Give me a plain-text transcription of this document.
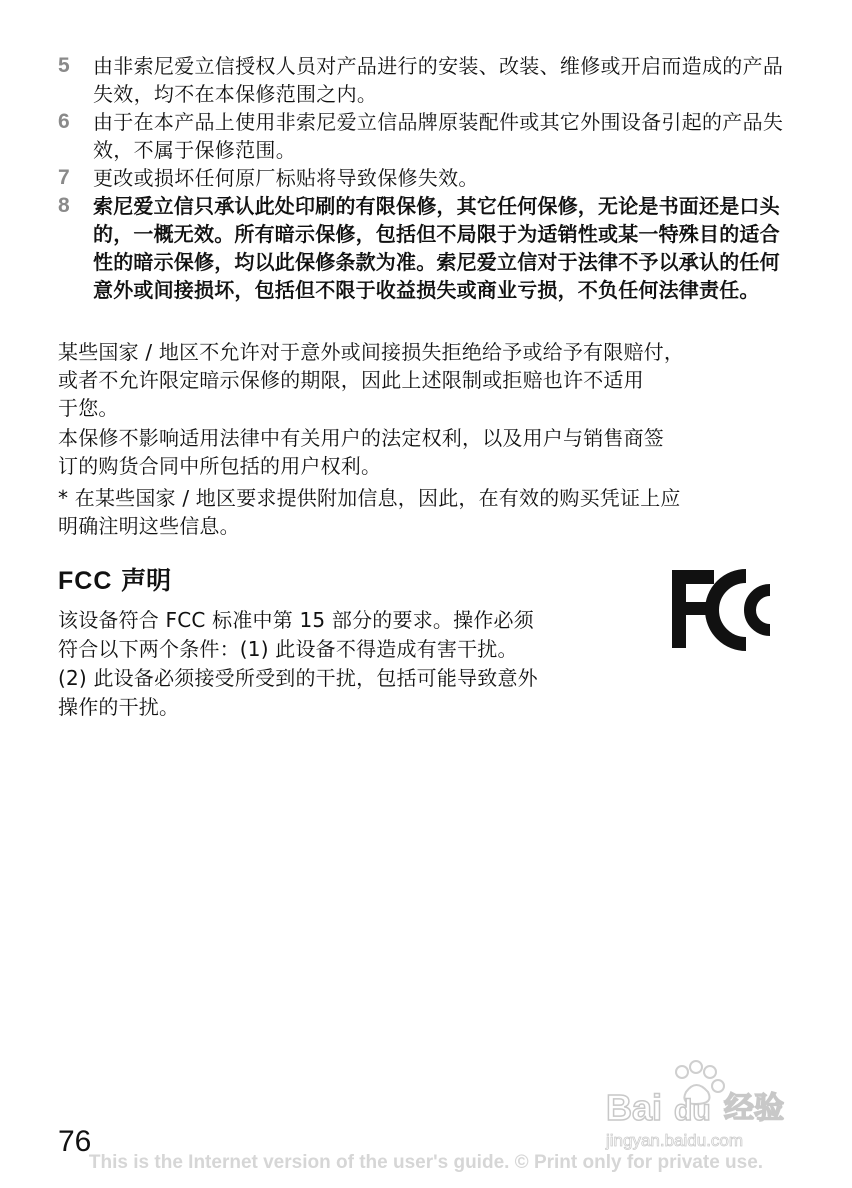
5	由非索尼爱立信授权人员对产品进行的安装、改装、维修或开启而造成的产品失效，均不在本保修范围之内。
6	由于在本产品上使用非索尼爱立信品牌原装配件或其它外围设备引起的产品失效，不属于保修范围。
7	更改或损坏任何原厂标贴将导致保修失效。
8	索尼爱立信只承认此处印刷的有限保修，其它任何保修，无论是书面还是口头的，一概无效。所有暗示保修，包括但不局限于为适销性或某一特殊目的适合性的暗示保修，均以此保修条款为准。索尼爱立信对于法律不予以承认的任何意外或间接损坏，包括但不限于收益损失或商业亏损，不负任何法律责任。
某些国家 / 地区不允许对于意外或间接损失拒绝给予或给予有限赔付，
或者不允许限定暗示保修的期限，因此上述限制或拒赔也许不适用
于您。
本保修不影响适用法律中有关用户的法定权利，以及用户与销售商签
订的购货合同中所包括的用户权利。
* 在某些国家 / 地区要求提供附加信息，因此，在有效的购买凭证上应
明确注明这些信息。
FCC 声明
该设备符合 FCC 标准中第 15 部分的要求。操作必须
符合以下两个条件：(1) 此设备不得造成有害干扰。
(2) 此设备必须接受所受到的干扰，包括可能导致意外
操作的干扰。
Bai du 经验
jingyan.baidu.com
76
This is the Internet version of the user's guide. © Print only for private use.
